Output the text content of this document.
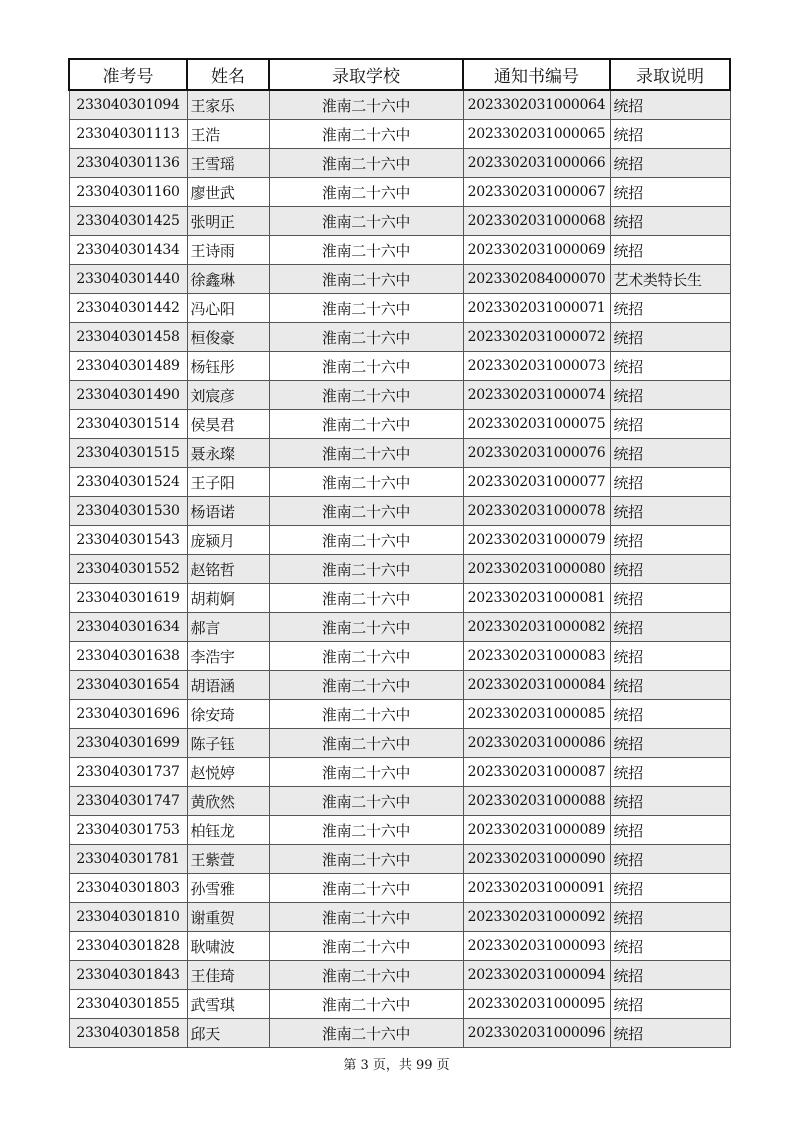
准考号	姓名	录取学校	通知书编号	录取说明
233040301094	王家乐	淮南二十六中	2023302031000064	统招
233040301113	王浩	淮南二十六中	2023302031000065	统招
233040301136	王雪瑶	淮南二十六中	2023302031000066	统招
233040301160	廖世武	淮南二十六中	2023302031000067	统招
233040301425	张明正	淮南二十六中	2023302031000068	统招
233040301434	王诗雨	淮南二十六中	2023302031000069	统招
233040301440	徐鑫琳	淮南二十六中	2023302084000070	艺术类特长生
233040301442	冯心阳	淮南二十六中	2023302031000071	统招
233040301458	桓俊豪	淮南二十六中	2023302031000072	统招
233040301489	杨钰彤	淮南二十六中	2023302031000073	统招
233040301490	刘宸彦	淮南二十六中	2023302031000074	统招
233040301514	侯昊君	淮南二十六中	2023302031000075	统招
233040301515	聂永璨	淮南二十六中	2023302031000076	统招
233040301524	王子阳	淮南二十六中	2023302031000077	统招
233040301530	杨语诺	淮南二十六中	2023302031000078	统招
233040301543	庞颍月	淮南二十六中	2023302031000079	统招
233040301552	赵铭哲	淮南二十六中	2023302031000080	统招
233040301619	胡莉婀	淮南二十六中	2023302031000081	统招
233040301634	郝言	淮南二十六中	2023302031000082	统招
233040301638	李浩宇	淮南二十六中	2023302031000083	统招
233040301654	胡语涵	淮南二十六中	2023302031000084	统招
233040301696	徐安琦	淮南二十六中	2023302031000085	统招
233040301699	陈子钰	淮南二十六中	2023302031000086	统招
233040301737	赵悦婷	淮南二十六中	2023302031000087	统招
233040301747	黄欣然	淮南二十六中	2023302031000088	统招
233040301753	柏钰龙	淮南二十六中	2023302031000089	统招
233040301781	王紫萱	淮南二十六中	2023302031000090	统招
233040301803	孙雪雅	淮南二十六中	2023302031000091	统招
233040301810	谢重贺	淮南二十六中	2023302031000092	统招
233040301828	耿啸波	淮南二十六中	2023302031000093	统招
233040301843	王佳琦	淮南二十六中	2023302031000094	统招
233040301855	武雪琪	淮南二十六中	2023302031000095	统招
233040301858	邱天	淮南二十六中	2023302031000096	统招
第 3 页，共 99 页
